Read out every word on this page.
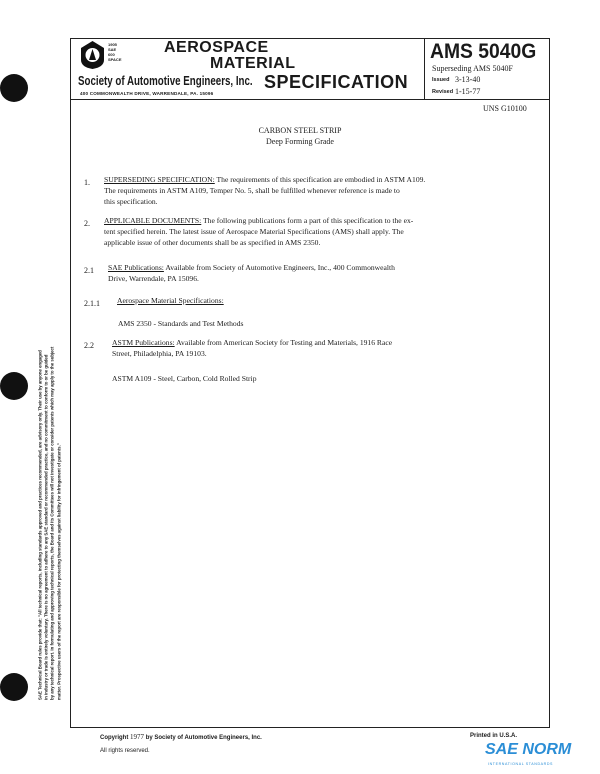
1905
SAE
600
SPACE
AEROSPACE
MATERIAL
SPECIFICATION
Society of Automotive Engineers, Inc.
400 COMMONWEALTH DRIVE, WARRENDALE, PA. 15096
AMS 5040G
Superseding AMS 5040F
Issued 3-13-40
Revised 1-15-77
UNS G10100
CARBON STEEL STRIP
Deep Forming Grade
1. SUPERSEDING SPECIFICATION: The requirements of this specification are embodied in ASTM A109.
The requirements in ASTM A109, Temper No. 5, shall be fulfilled whenever reference is made to
this specification.
2. APPLICABLE DOCUMENTS: The following publications form a part of this specification to the ex-
tent specified herein. The latest issue of Aerospace Material Specifications (AMS) shall apply. The
applicable issue of other documents shall be as specified in AMS 2350.
2.1 SAE Publications: Available from Society of Automotive Engineers, Inc., 400 Commonwealth
Drive, Warrendale, PA 15096.
2.1.1 Aerospace Material Specifications:
AMS 2350 - Standards and Test Methods
2.2 ASTM Publications: Available from American Society for Testing and Materials, 1916 Race
Street, Philadelphia, PA 19103.
ASTM A109 - Steel, Carbon, Cold Rolled Strip
SAE Technical Board rules provide that: "All technical reports, including standards approved and practices recommended, are advisory only. Their use by anyone engaged in industry or trade is entirely voluntary. There is no agreement to adhere to any SAE standard or recommended practice, and no commitment to conform to or be guided by any technical report. In formulating and approving technical reports, the Board and its Committees will not investigate or consider patents which may apply to the subject matter. Prospective users of the report are responsible for protecting themselves against liability for infringement of patents."
Copyright 1977 by Society of Automotive Engineers, Inc.
All rights reserved.
Printed in U.S.A.
SAE NORM
INTERNATIONAL STANDARDS
